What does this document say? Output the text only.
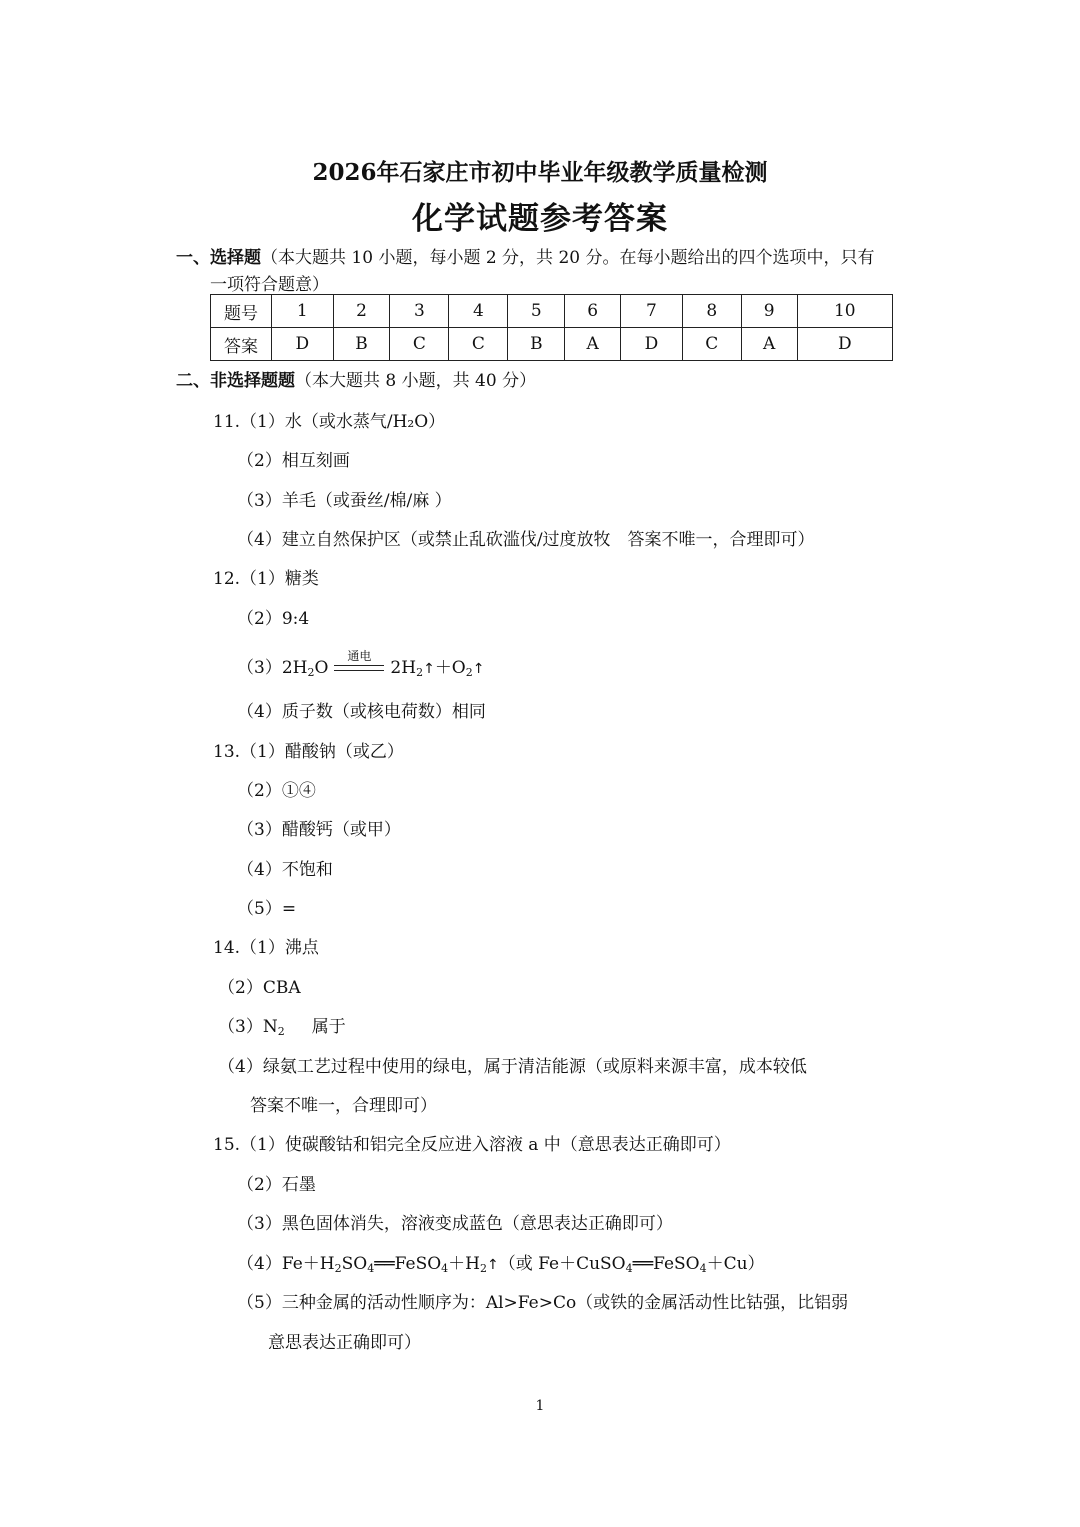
2026年石家庄市初中毕业年级教学质量检测
化学试题参考答案
一、选择题（本大题共 10 小题，每小题 2 分，共 20 分。在每小题给出的四个选项中，只有
一项符合题意）
题号	1	2	3	4	5	6	7	8	9	10
答案	D	B	C	C	B	A	D	C	A	D
二、非选择题题（本大题共 8 小题，共 40 分）
11.（1）水（或水蒸气/H₂O）
（2）相互刻画
（3）羊毛（或蚕丝/棉/麻 ）
（4）建立自然保护区（或禁止乱砍滥伐/过度放牧　答案不唯一，合理即可）
12.（1）糖类
（2）9:4
$(3)2H_2O$
通电
$2H_2↑+O_2↑$
（4）质子数（或核电荷数）相同
13.（1）醋酸钠（或乙）
（2）①④
（3）醋酸钙（或甲）
（4）不饱和
（5）=
14.（1）沸点
（2）CBA
$(3)N_2$ 属于
（4）绿氨工艺过程中使用的绿电，属于清洁能源（或原料来源丰富，成本较低
答案不唯一，合理即可）
15.（1）使碳酸钴和铝完全反应进入溶液 a 中（意思表达正确即可）
（2）石墨
（3）黑色固体消失，溶液变成蓝色（意思表达正确即可）
$(4)Fe+H_2SO_4══FeSO_4+H_2↑$（或 Fe＋CuSO$_4$══FeSO$_4$＋Cu）
（5）三种金属的活动性顺序为：Al>Fe>Co（或铁的金属活动性比钴强，比铝弱
意思表达正确即可）
1
